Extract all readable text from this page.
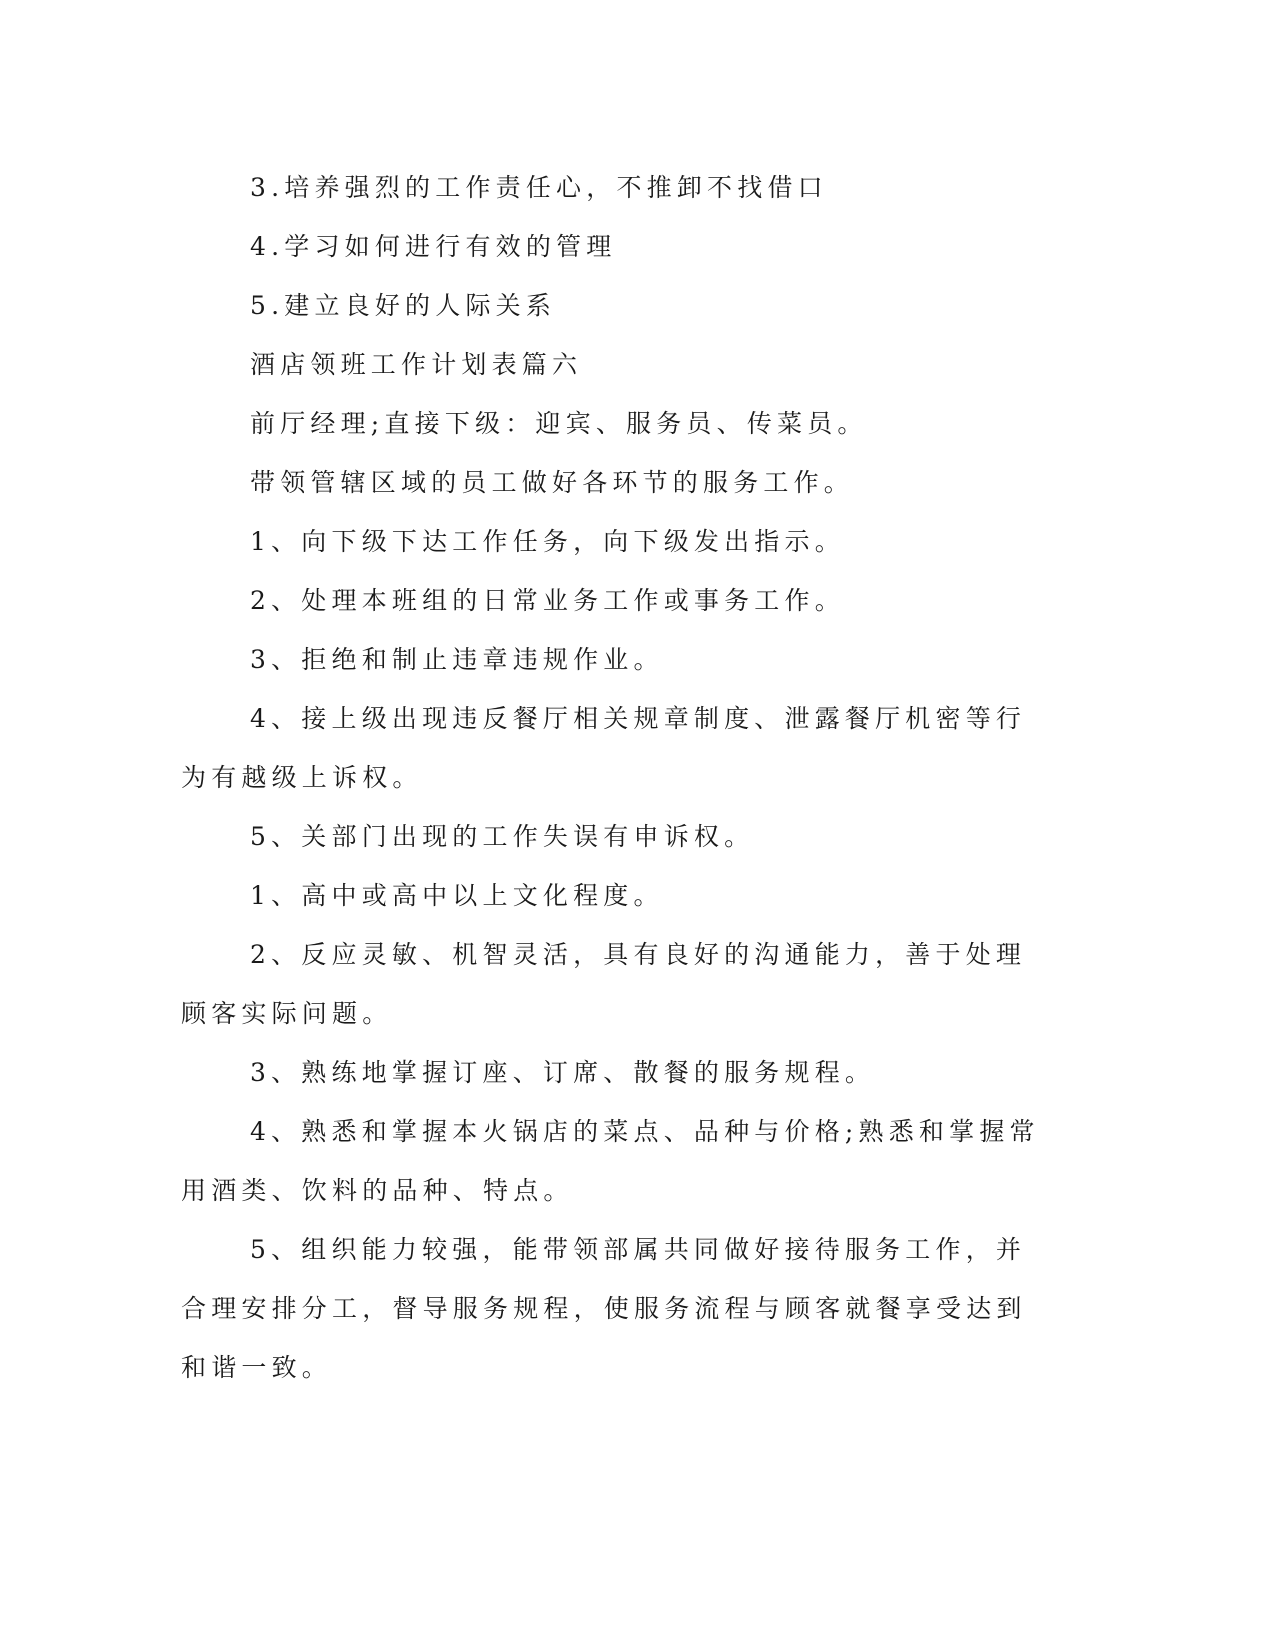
3.培养强烈的工作责任心，不推卸不找借口

4.学习如何进行有效的管理

5.建立良好的人际关系

酒店领班工作计划表篇六

前厅经理;直接下级：迎宾、服务员、传菜员。

带领管辖区域的员工做好各环节的服务工作。

1、向下级下达工作任务，向下级发出指示。

2、处理本班组的日常业务工作或事务工作。

3、拒绝和制止违章违规作业。

4、接上级出现违反餐厅相关规章制度、泄露餐厅机密等行为有越级上诉权。

5、关部门出现的工作失误有申诉权。

1、高中或高中以上文化程度。

2、反应灵敏、机智灵活，具有良好的沟通能力，善于处理顾客实际问题。

3、熟练地掌握订座、订席、散餐的服务规程。

4、熟悉和掌握本火锅店的菜点、品种与价格;熟悉和掌握常用酒类、饮料的品种、特点。

5、组织能力较强，能带领部属共同做好接待服务工作，并合理安排分工，督导服务规程，使服务流程与顾客就餐享受达到和谐一致。
